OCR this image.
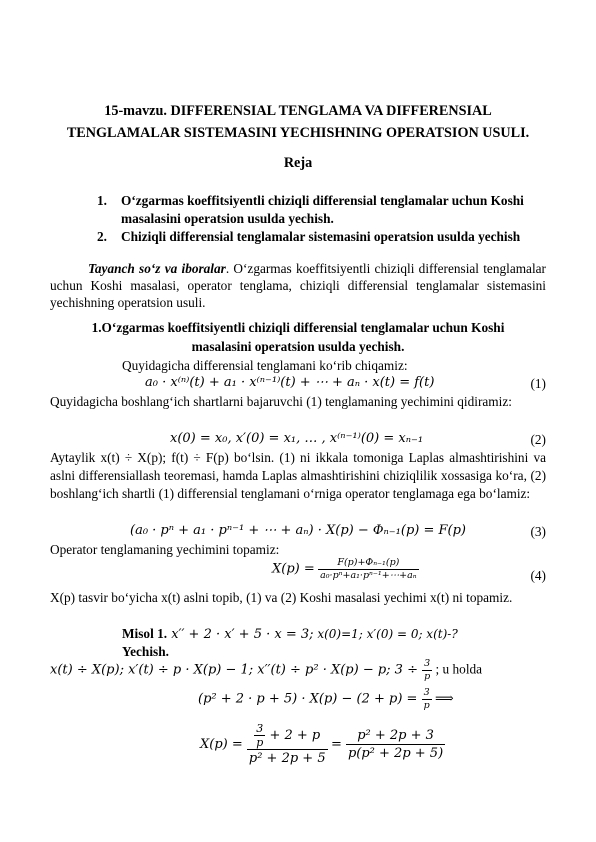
15-mavzu. DIFFERENSIAL TENGLAMA VA DIFFERENSIAL
TENGLAMALAR SISTEMASINI YECHISHNING OPERATSION USULI.
Reja
1. O‘zgarmas koeffitsiyentli chiziqli differensial tenglamalar uchun Koshi masalasini operatsion usulda yechish.
2. Chiziqli differensial tenglamalar sistemasini operatsion usulda yechish
Tayanch so‘z va iboralar. O‘zgarmas koeffitsiyentli chiziqli differensial tenglamalar uchun Koshi masalasi, operator tenglama, chiziqli differensial tenglamalar sistemasini yechishning operatsion usuli.
1.O‘zgarmas koeffitsiyentli chiziqli differensial tenglamalar uchun Koshi
masalasini operatsion usulda yechish.
Quyidagicha differensial tenglamani ko‘rib chiqamiz:
a₀ · x⁽ⁿ⁾(t) + a₁ · x⁽ⁿ⁻¹⁾(t) + ⋯ + aₙ · x(t) = f(t)	(1)
Quyidagicha boshlang‘ich shartlarni bajaruvchi (1) tenglamaning yechimini qidiramiz:
x(0) = x₀, x′(0) = x₁, … , x⁽ⁿ⁻¹⁾(0) = xₙ₋₁	(2)
Aytaylik x(t) ÷ X(p); f(t) ÷ F(p) bo‘lsin. (1) ni ikkala tomoniga Laplas almashtirishini va aslni differensiallash teoremasi, hamda Laplas almashtirishini chiziqlilik xossasiga ko‘ra, (2) boshlang‘ich shartli (1) differensial tenglamani o‘rniga operator tenglamaga ega bo‘lamiz:
(a₀ · pⁿ + a₁ · pⁿ⁻¹ + ⋯ + aₙ) · X(p) − Φₙ₋₁(p) = F(p)	(3)
Operator tenglamaning yechimini topamiz:
$X(p) = \frac{\text{F(p)+Φₙ₋₁(p)}}{\text{a₀·pⁿ+a₁·pⁿ⁻¹+⋯+aₙ}}$	(4)
X(p) tasvir bo‘yicha x(t) aslni topib, (1) va (2) Koshi masalasi yechimi x(t) ni topamiz.
Misol 1. x′′ + 2 · x′ + 5 · x = 3; x(0)=1; x′(0) = 0; x(t)-?
Yechish.
x(t) ÷ X(p); x′(t) ÷ p · X(p) − 1; x′′(t) ÷ p² · X(p) − p; $3 \div \frac{3}{p}$ ; u holda
$(p^2 + 2 \cdot p + 5) \cdot X(p) - (2 + p) = \frac{3}{p}$ ⟹
$X(p) = \frac{\frac{3}{p} + 2 + p}{\text{p² + 2p + 5}} = \frac{\text{p² + 2p + 3}}{\text{p(p² + 2p + 5)}}$
